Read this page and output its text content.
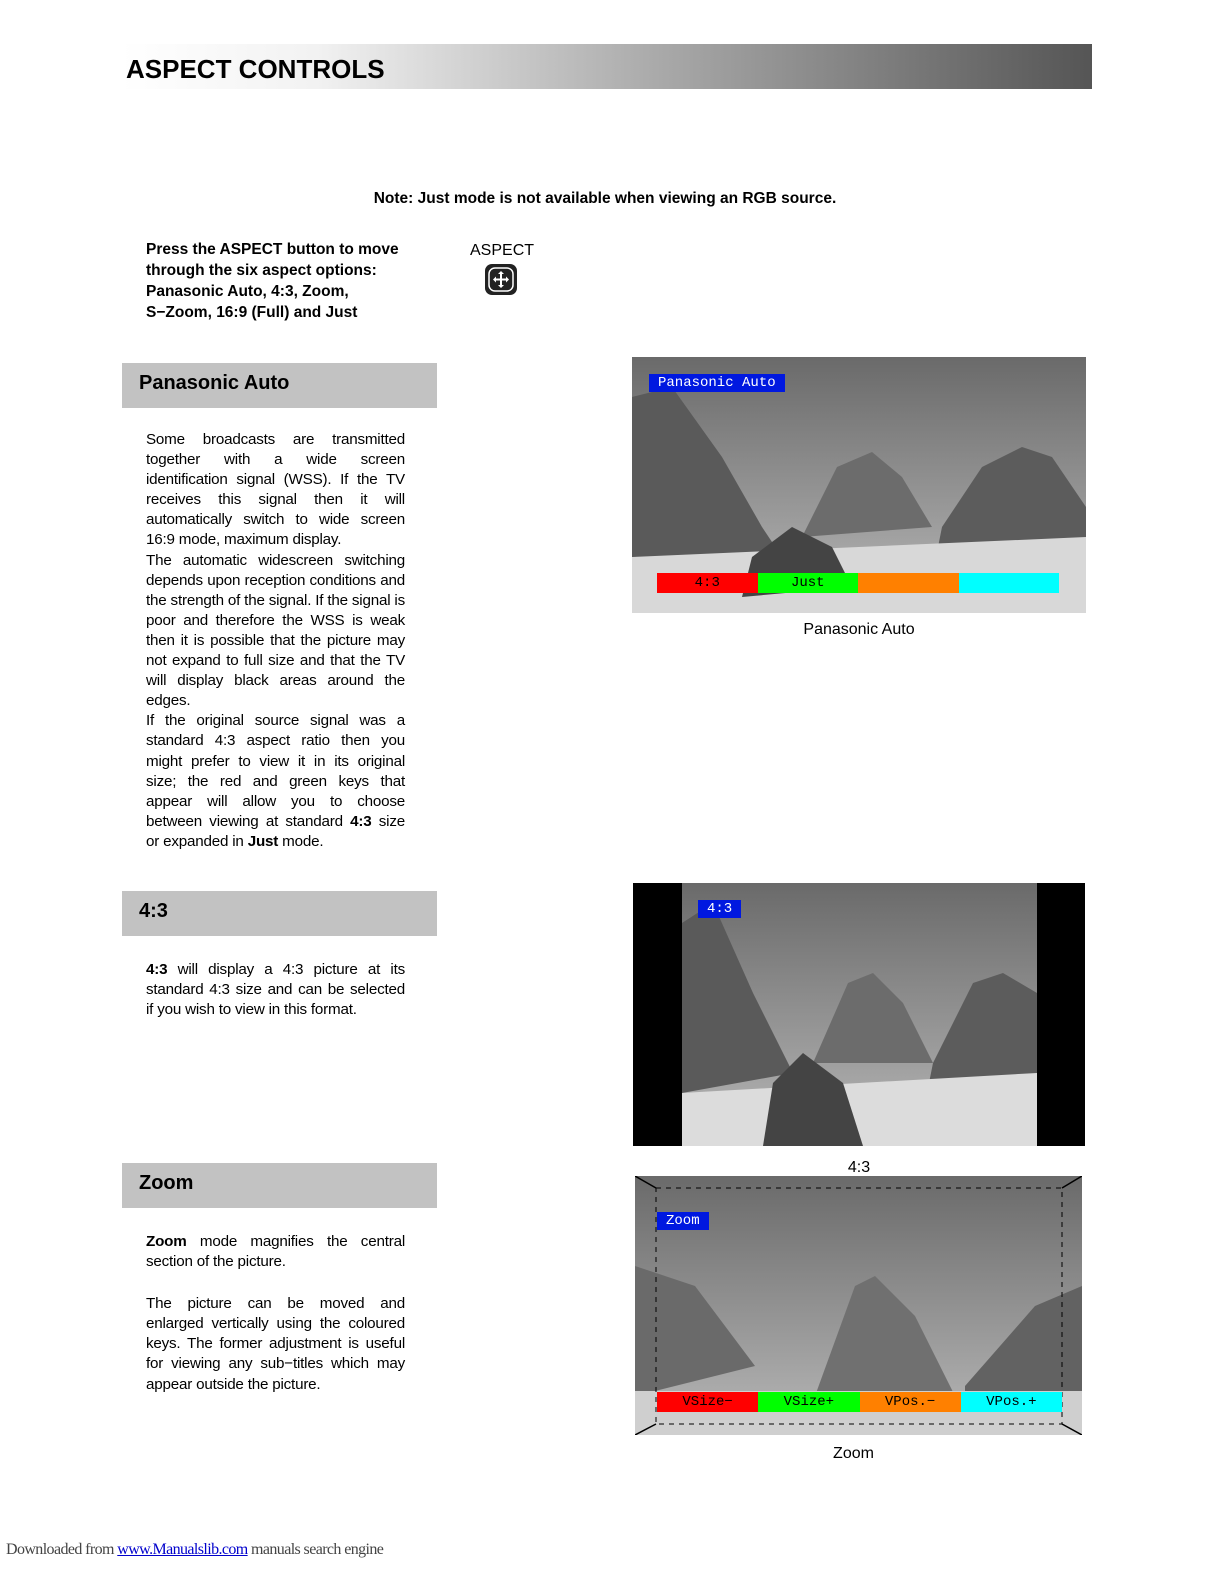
ASPECT CONTROLS
Note: Just mode is not available when viewing an RGB source.
Press the ASPECT button to move through the six aspect options: Panasonic Auto, 4:3, Zoom, S−Zoom, 16:9 (Full) and Just
ASPECT
Panasonic Auto

Some broadcasts are transmitted together with a wide screen identification signal (WSS). If the TV receives this signal then it will automatically switch to wide screen 16:9 mode, maximum display.

The automatic widescreen switching depends upon reception conditions and the strength of the signal. If the signal is poor and therefore the WSS is weak then it is possible that the picture may not expand to full size and that the TV will display black areas around the edges.

If the original source signal was a standard 4:3 aspect ratio then you might prefer to view it in its original size; the red and green keys that appear will allow you to choose between viewing at standard 4:3 size or expanded in Just mode.

Panasonic Auto
4:3	Just
Panasonic Auto
4:3
4:3 will display a 4:3 picture at its standard 4:3 size and can be selected if you wish to view in this format.
4:3
4:3
Zoom

Zoom mode magnifies the central section of the picture.

The picture can be moved and enlarged vertically using the coloured keys. The former adjustment is useful for viewing any sub−titles which may appear outside the picture.

Zoom
VSize−	VSize+	VPos.−	VPos.+
Zoom
Downloaded from www.Manualslib.com manuals search engine
